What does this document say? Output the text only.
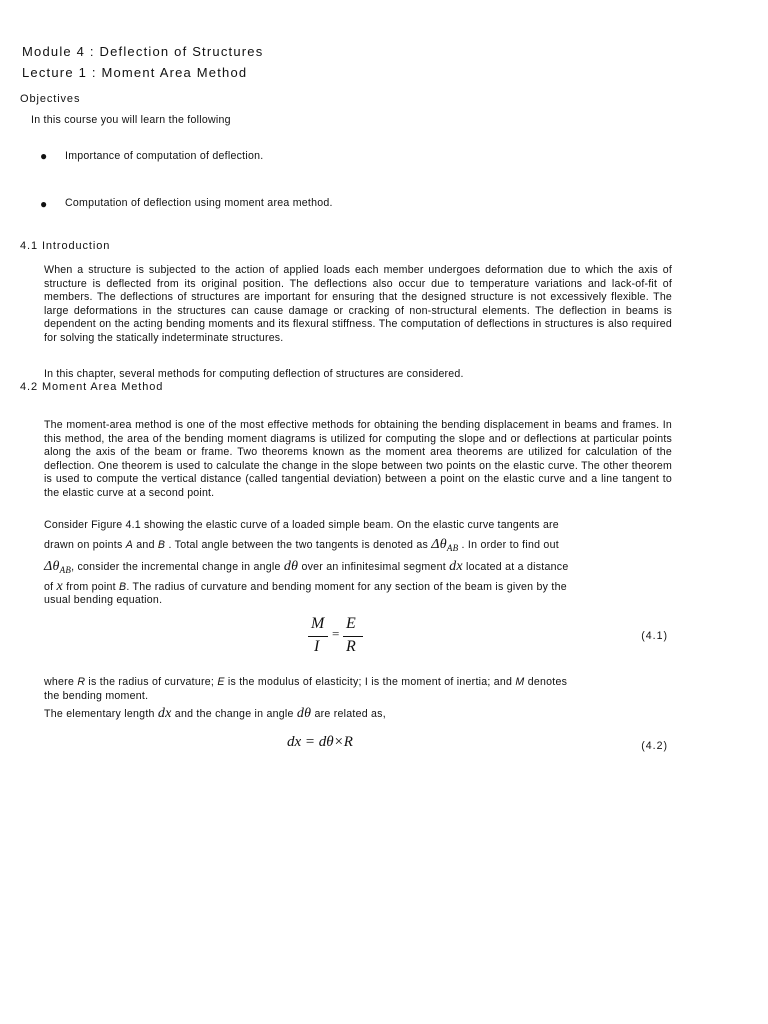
Module 4 : Deflection of Structures
Lecture 1 : Moment Area Method
Objectives
In this course you will learn the following
● Importance of computation of deflection.
● Computation of deflection using moment area method.
4.1 Introduction
When a structure is subjected to the action of applied loads each member undergoes deformation due to which the axis of structure is deflected from its original position. The deflections also occur due to temperature variations and lack-of-fit of members. The deflections of structures are important for ensuring that the designed structure is not excessively flexible. The large deformations in the structures can cause damage or cracking of non-structural elements. The deflection in beams is dependent on the acting bending moments and its flexural stiffness. The computation of deflections in structures is also required for solving the statically indeterminate structures.
In this chapter, several methods for computing deflection of structures are considered.
4.2 Moment Area Method
The moment-area method is one of the most effective methods for obtaining the bending displacement in beams and frames. In this method, the area of the bending moment diagrams is utilized for computing the slope and or deflections at particular points along the axis of the beam or frame. Two theorems known as the moment area theorems are utilized for calculation of the deflection. One theorem is used to calculate the change in the slope between two points on the elastic curve. The other theorem is used to compute the vertical distance (called tangential deviation) between a point on the elastic curve and a line tangent to the elastic curve at a second point.
Consider Figure 4.1 showing the elastic curve of a loaded simple beam. On the elastic curve tangents are
drawn on points A and B . Total angle between the two tangents is denoted as $\Delta\theta_{AB}$ . In order to find out
$\Delta\theta_{AB}$, consider the incremental change in angle dθ over an infinitesimal segment dx located at a distance
of x from point B. The radius of curvature and bending moment for any section of the beam is given by the
usual bending equation.
M E
=
I R
(4.1)
where R is the radius of curvature; E is the modulus of elasticity; I is the moment of inertia; and M denotes
the bending moment.
The elementary length dx and the change in angle dθ are related as,
dx = dθ×R	(4.2)
